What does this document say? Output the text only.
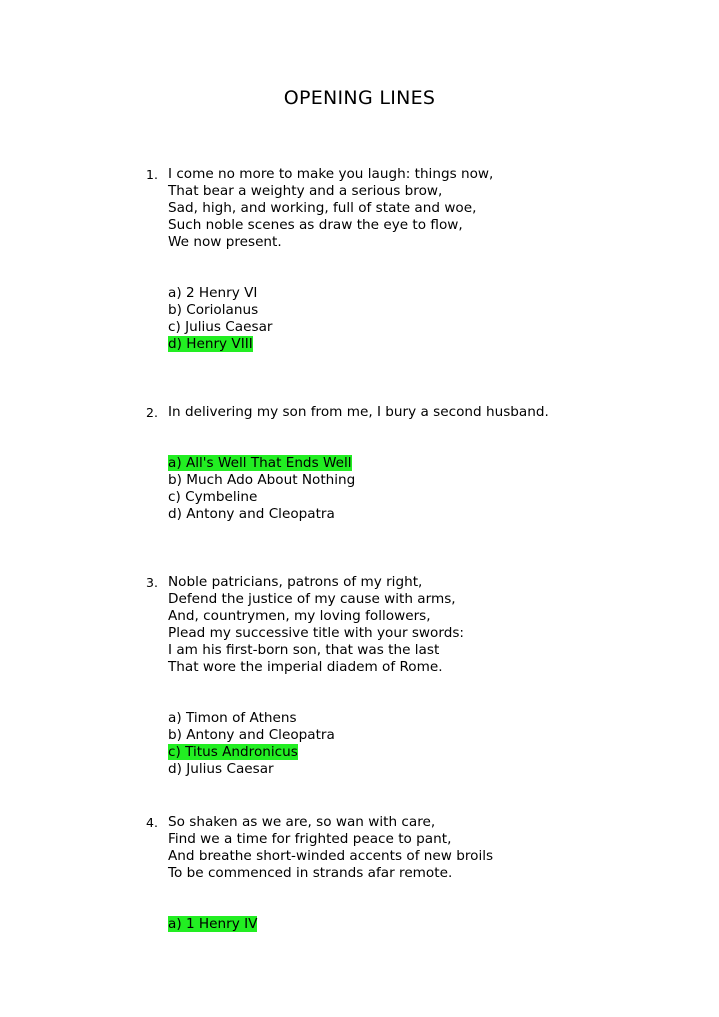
OPENING LINES
1. I come no more to make you laugh: things now,
That bear a weighty and a serious brow,
Sad, high, and working, full of state and woe,
Such noble scenes as draw the eye to flow,
We now present.
a) 2 Henry VI
b) Coriolanus
c) Julius Caesar
d) Henry VIII
2. In delivering my son from me, I bury a second husband.
a) All's Well That Ends Well
b) Much Ado About Nothing
c) Cymbeline
d) Antony and Cleopatra
3. Noble patricians, patrons of my right,
Defend the justice of my cause with arms,
And, countrymen, my loving followers,
Plead my successive title with your swords:
I am his first-born son, that was the last
That wore the imperial diadem of Rome.
a) Timon of Athens
b) Antony and Cleopatra
c) Titus Andronicus
d) Julius Caesar
4. So shaken as we are, so wan with care,
Find we a time for frighted peace to pant,
And breathe short-winded accents of new broils
To be commenced in strands afar remote.
a) 1 Henry IV
